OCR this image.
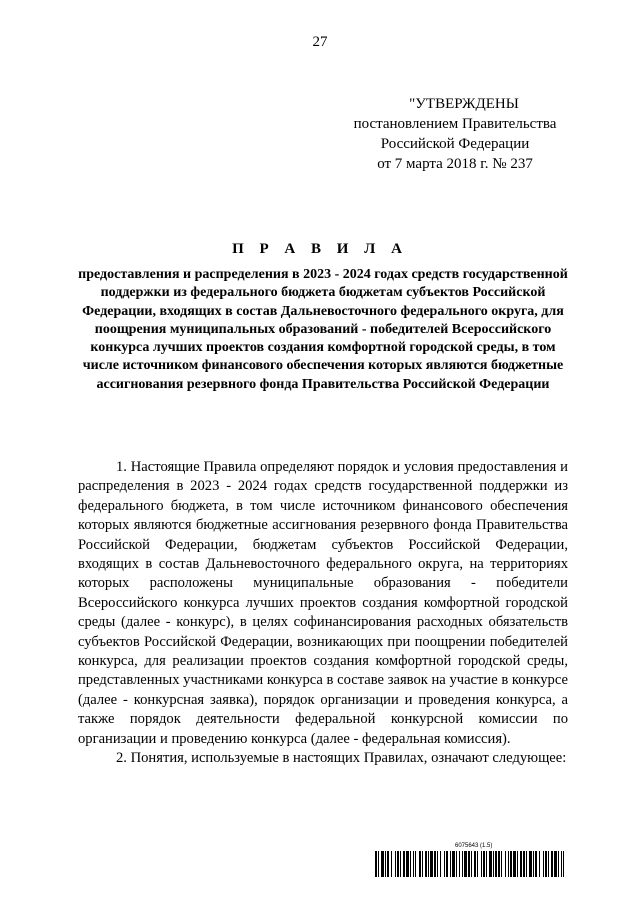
27
"УТВЕРЖДЕНЫ
постановлением Правительства
Российской Федерации
от 7 марта 2018 г. № 237
П Р А В И Л А
предоставления и распределения в 2023 - 2024 годах средств государственной поддержки из федерального бюджета бюджетам субъектов Российской Федерации, входящих в состав Дальневосточного федерального округа, для поощрения муниципальных образований - победителей Всероссийского конкурса лучших проектов создания комфортной городской среды, в том числе источником финансового обеспечения которых являются бюджетные ассигнования резервного фонда Правительства Российской Федерации

1. Настоящие Правила определяют порядок и условия предоставления и распределения в 2023 - 2024 годах средств государственной поддержки из федерального бюджета, в том числе источником финансового обеспечения которых являются бюджетные ассигнования резервного фонда Правительства Российской Федерации, бюджетам субъектов Российской Федерации, входящих в состав Дальневосточного федерального округа, на территориях которых расположены муниципальные образования - победители Всероссийского конкурса лучших проектов создания комфортной городской среды (далее - конкурс), в целях софинансирования расходных обязательств субъектов Российской Федерации, возникающих при поощрении победителей конкурса, для реализации проектов создания комфортной городской среды, представленных участниками конкурса в составе заявок на участие в конкурсе (далее - конкурсная заявка), порядок организации и проведения конкурса, а также порядок деятельности федеральной конкурсной комиссии по организации и проведению конкурса (далее - федеральная комиссия).

2. Понятия, используемые в настоящих Правилах, означают следующее:

6075643 (1.5)
